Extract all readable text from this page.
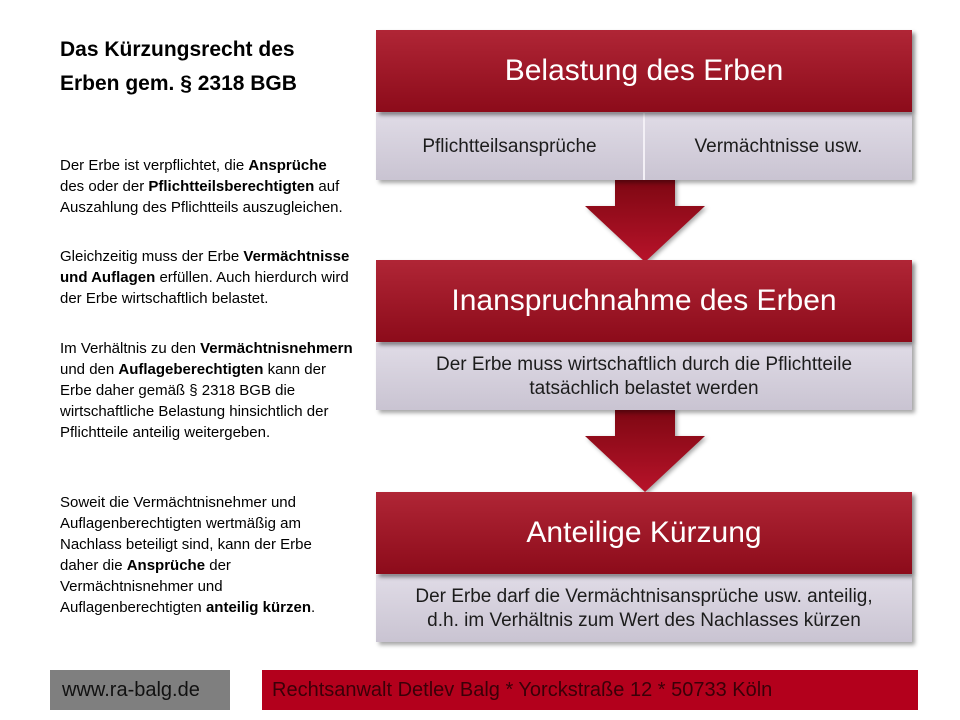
Das Kürzungsrecht des Erben gem. § 2318 BGB
Der Erbe ist verpflichtet, die Ansprüche des oder der Pflichtteilsberechtigten auf Auszahlung des Pflichtteils auszugleichen.
Gleichzeitig muss der Erbe Vermächtnisse und Auflagen erfüllen. Auch hierdurch wird der Erbe wirtschaftlich belastet.
Im Verhältnis zu den Vermächtnisnehmern und den Auflageberechtigten kann der Erbe daher gemäß § 2318 BGB die wirtschaftliche Belastung hinsichtlich der Pflichtteile anteilig weitergeben.
Soweit die Vermächtnisnehmer und Auflagenberechtigten wertmäßig am Nachlass beteiligt sind, kann der Erbe daher die Ansprüche der Vermächtnisnehmer und Auflagenberechtigten anteilig kürzen.
Belastung des Erben
Pflichtteilsansprüche	Vermächtnisse usw.
Inanspruchnahme des Erben
Der Erbe muss wirtschaftlich durch die Pflichtteile tatsächlich belastet werden
Anteilige Kürzung
Der Erbe darf die Vermächtnisansprüche usw. anteilig, d.h. im Verhältnis zum Wert des Nachlasses kürzen
www.ra-balg.de	Rechtsanwalt Detlev Balg * Yorckstraße 12 * 50733 Köln
